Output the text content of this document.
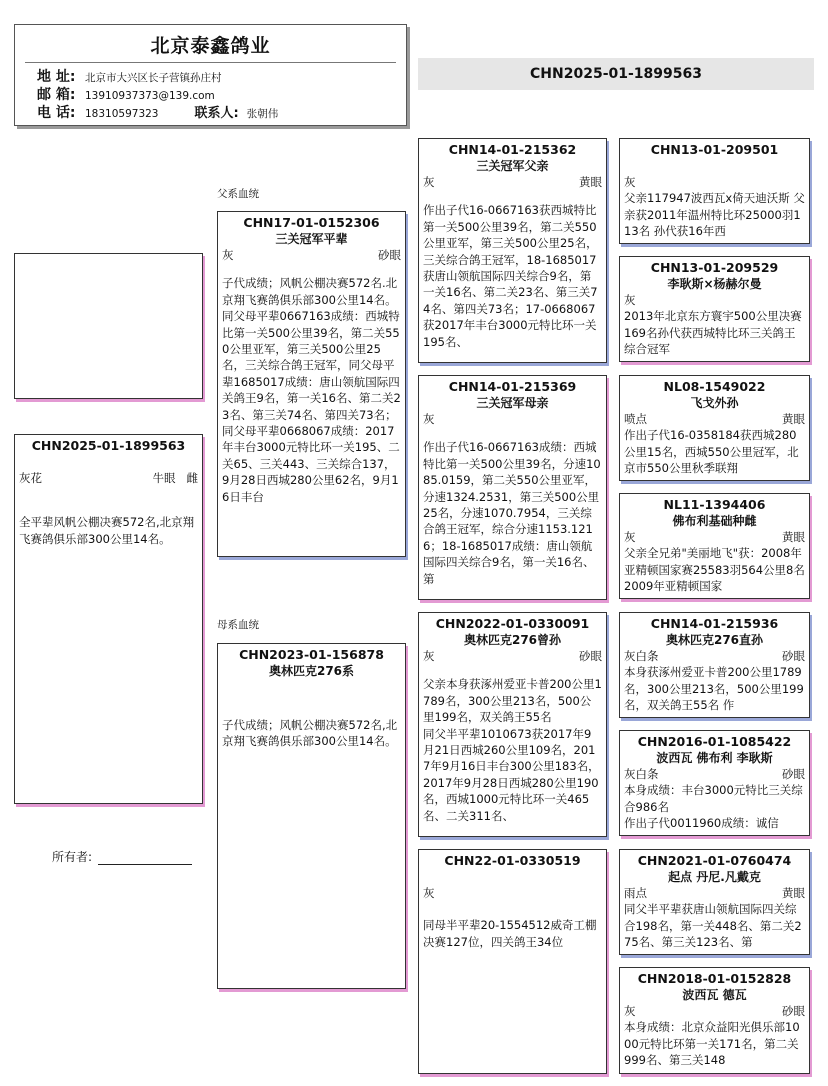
北京泰鑫鸽业
地 址: 北京市大兴区长子营镇孙庄村
邮 箱: 13910937373@139.com
电 话: 18310597323	联系人: 张朝伟
CHN2025-01-1899563
CHN2025-01-1899563
灰花	牛眼 雌
全平辈风帆公棚决赛572名,北京翔飞赛鸽俱乐部300公里14名。
父系血统
母系血统
CHN17-01-0152306
三关冠军平辈
灰	砂眼
子代成绩；风帆公棚决赛572名.北京翔飞赛鸽俱乐部300公里14名。
同父母平辈0667163成绩：西城特比第一关500公里39名，第二关550公里亚军，第三关500公里25名，三关综合鸽王冠军，同父母平辈1685017成绩：唐山领航国际四关鸽王9名，第一关16名、第二关23名、第三关74名、第四关73名；同父母平辈0668067成绩：2017年丰台3000元特比环一关195、二关65、三关443、三关综合137，9月28日西城280公里62名，9月16日丰台
CHN2023-01-156878
奥林匹克276系
子代成绩；风帆公棚决赛572名,北京翔飞赛鸽俱乐部300公里14名。
CHN14-01-215362
三关冠军父亲
灰	黄眼
作出子代16-0667163获西城特比第一关500公里39名，第二关550公里亚军，第三关500公里25名，三关综合鸽王冠军，18-1685017获唐山领航国际四关综合9名，第一关16名、第二关23名、第三关74名、第四关73名；17-0668067获2017年丰台3000元特比环一关195名、
CHN14-01-215369
三关冠军母亲
灰
作出子代16-0667163成绩：西城特比第一关500公里39名，分速1085.0159，第二关550公里亚军，分速1324.2531，第三关500公里25名，分速1070.7954，三关综合鸽王冠军，综合分速1153.1216；18-1685017成绩：唐山领航国际四关综合9名，第一关16名、第
CHN2022-01-0330091
奥林匹克276曾孙
灰	砂眼
父亲本身获涿州爱亚卡普200公里1789名，300公里213名，500公里199名，双关鸽王55名
同父半平辈1010673获2017年9月21日西城260公里109名，2017年9月16日丰台300公里183名，2017年9月28日西城280公里190名，西城1000元特比环一关465名、二关311名、
CHN22-01-0330519
灰
同母半平辈20-1554512威奇工棚决赛127位，四关鸽王34位
CHN13-01-209501
灰
父亲117947波西瓦x倚天迪沃斯 父亲获2011年温州特比环25000羽113名 孙代获16年西
CHN13-01-209529
李耿斯×杨赫尔曼
灰
2013年北京东方寰宇500公里决赛169名孙代获西城特比环三关鸽王综合冠军
NL08-1549022
飞戈外孙
喷点	黄眼
作出子代16-0358184获西城280公里15名，西城550公里冠军，北京市550公里秋季联翔
NL11-1394406
佛布利基础种雌
灰	黄眼
父亲全兄弟"美丽地飞"获：2008年亚精顿国家赛25583羽564公里8名2009年亚精顿国家
CHN14-01-215936
奥林匹克276直孙
灰白条	砂眼
本身获涿州爱亚卡普200公里1789名，300公里213名，500公里199名，双关鸽王55名 作
CHN2016-01-1085422
波西瓦 佛布利 李耿斯
灰白条	砂眼
本身成绩：丰台3000元特比三关综合986名
作出子代0011960成绩：诚信
CHN2021-01-0760474
起点 丹尼.凡戴克
雨点	黄眼
同父半平辈获唐山领航国际四关综合198名，第一关448名、第二关275名、第三关123名、第
CHN2018-01-0152828
波西瓦 德瓦
灰	砂眼
本身成绩：北京众益阳光俱乐部1000元特比环第一关171名，第二关999名、第三关148
所有者:
